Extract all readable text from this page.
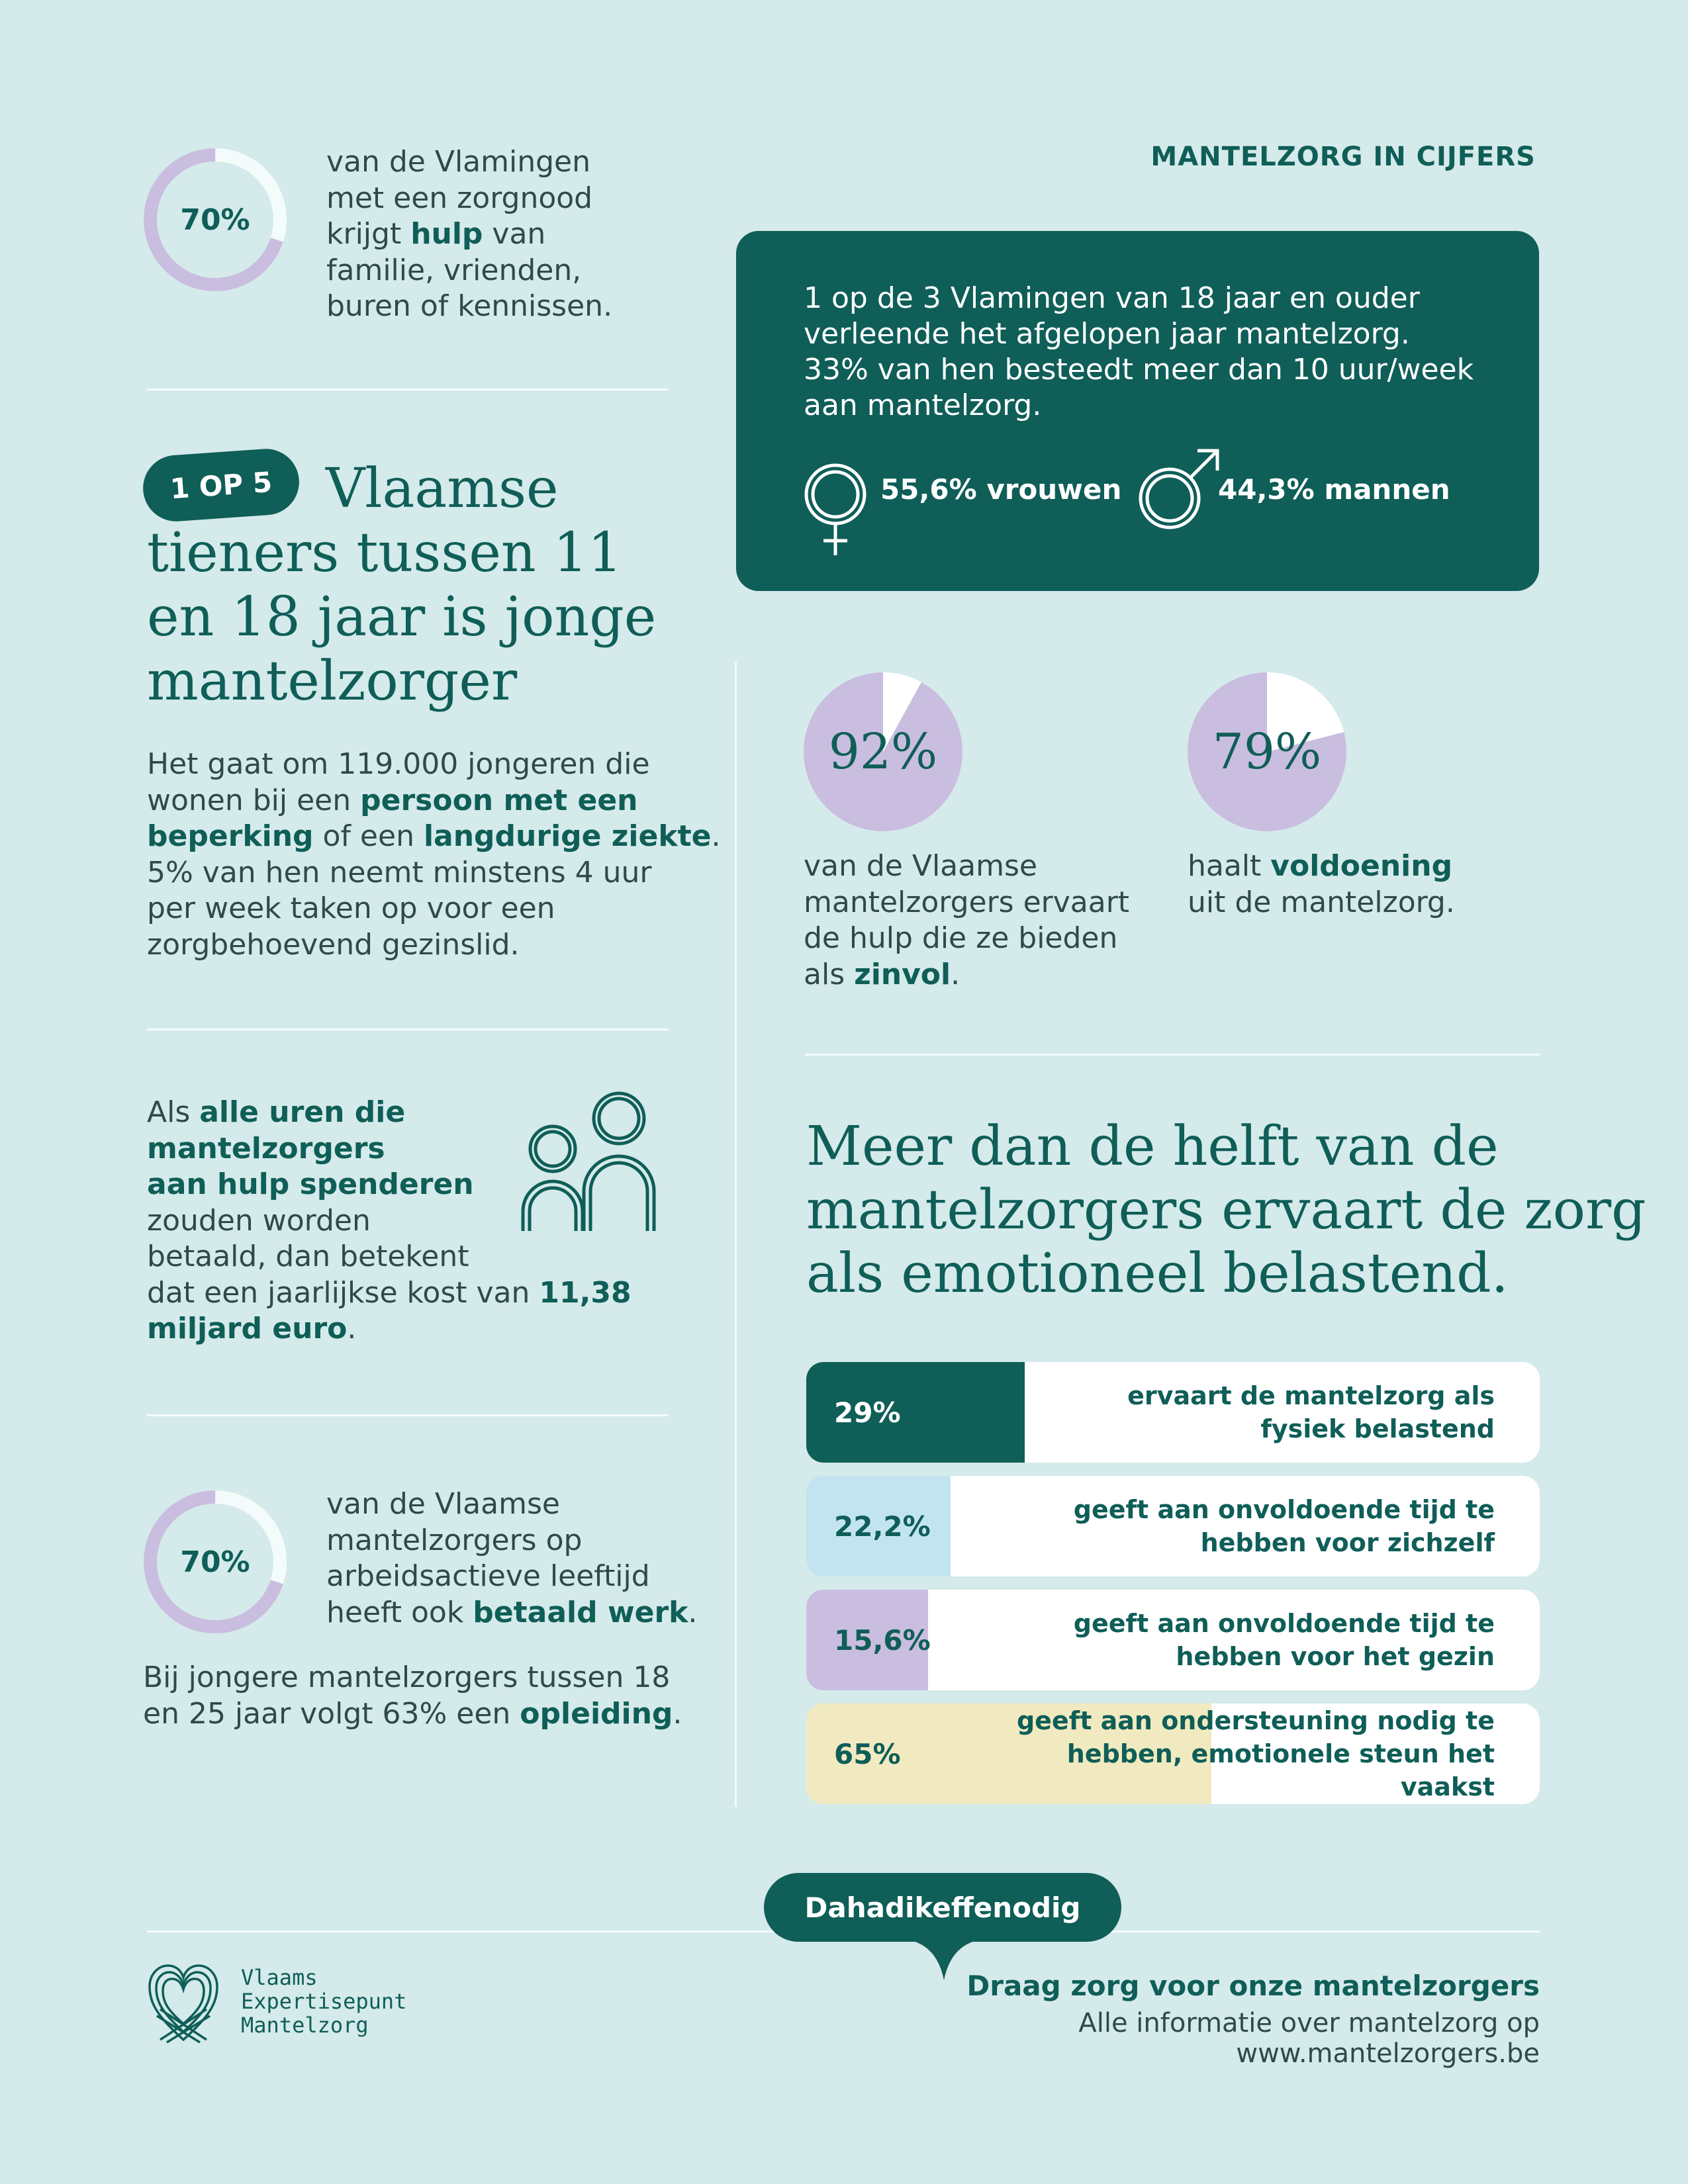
70%
van de Vlamingen
met een zorgnood
krijgt hulp van
familie, vrienden,
buren of kennissen.
1 OP 5 Vlaamse
tieners tussen 11
en 18 jaar is jonge
mantelzorger
Het gaat om 119.000 jongeren die
wonen bij een persoon met een
beperking of een langdurige ziekte.
5% van hen neemt minstens 4 uur
per week taken op voor een
zorgbehoevend gezinslid.
Als alle uren die
mantelzorgers
aan hulp spenderen
zouden worden
betaald, dan betekent
dat een jaarlijkse kost van 11,38
miljard euro.
70%
van de Vlaamse
mantelzorgers op
arbeidsactieve leeftijd
heeft ook betaald werk.
Bij jongere mantelzorgers tussen 18
en 25 jaar volgt 63% een opleiding.
MANTELZORG IN CIJFERS
1 op de 3 Vlamingen van 18 jaar en ouder
verleende het afgelopen jaar mantelzorg.
33% van hen besteedt meer dan 10 uur/week
aan mantelzorg.
55,6% vrouwen	44,3% mannen
92%
van de Vlaamse
mantelzorgers ervaart
de hulp die ze bieden
als zinvol.
79%
haalt voldoening
uit de mantelzorg.
Meer dan de helft van de
mantelzorgers ervaart de zorg
als emotioneel belastend.
29%
ervaart de mantelzorg als
fysiek belastend
22,2%
geeft aan onvoldoende tijd te
hebben voor zichzelf
15,6%
geeft aan onvoldoende tijd te
hebben voor het gezin
65%
geeft aan ondersteuning nodig te
hebben, emotionele steun het vaakst
Dahadikeffenodig
Vlaams
Expertisepunt
Mantelzorg
Draag zorg voor onze mantelzorgers
Alle informatie over mantelzorg op www.mantelzorgers.be
